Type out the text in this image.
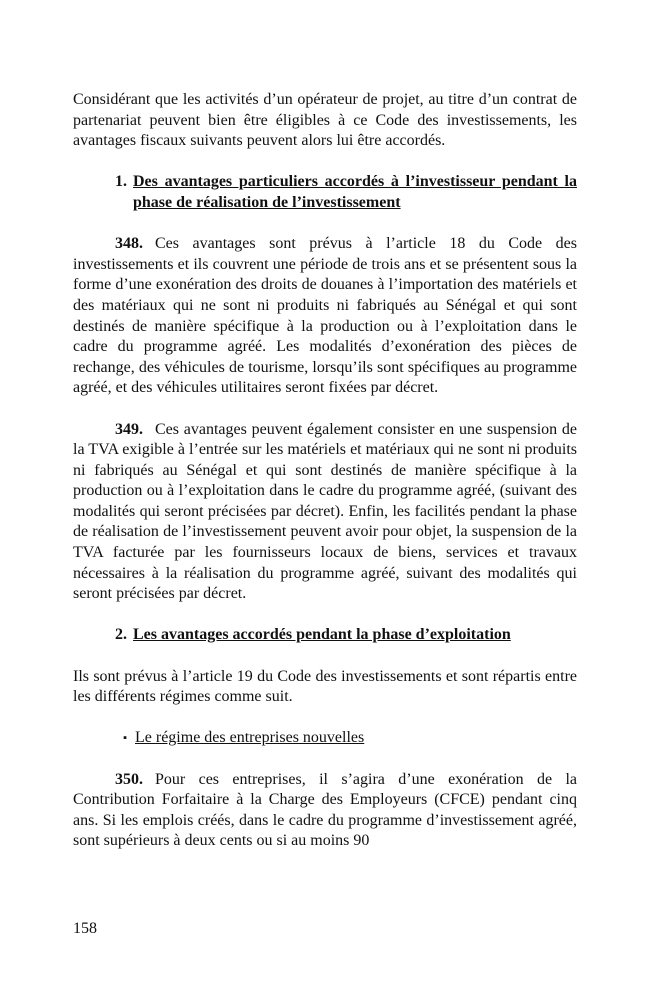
Considérant que les activités d’un opérateur de projet, au titre d’un contrat de partenariat peuvent bien être éligibles à ce Code des investissements, les avantages fiscaux suivants peuvent alors lui être accordés.

1. Des avantages particuliers accordés à l’investisseur pendant la phase de réalisation de l’investissement

348. Ces avantages sont prévus à l’article 18 du Code des investissements et ils couvrent une période de trois ans et se présentent sous la forme d’une exonération des droits de douanes à l’importation des matériels et des matériaux qui ne sont ni produits ni fabriqués au Sénégal et qui sont destinés de manière spécifique à la production ou à l’exploitation dans le cadre du programme agréé. Les modalités d’exonération des pièces de rechange, des véhicules de tourisme, lorsqu’ils sont spécifiques au programme agréé, et des véhicules utilitaires seront fixées par décret.

349. Ces avantages peuvent également consister en une suspension de la TVA exigible à l’entrée sur les matériels et matériaux qui ne sont ni produits ni fabriqués au Sénégal et qui sont destinés de manière spécifique à la production ou à l’exploitation dans le cadre du programme agréé, (suivant des modalités qui seront précisées par décret). Enfin, les facilités pendant la phase de réalisation de l’investissement peuvent avoir pour objet, la suspension de la TVA facturée par les fournisseurs locaux de biens, services et travaux nécessaires à la réalisation du programme agréé, suivant des modalités qui seront précisées par décret.

2. Les avantages accordés pendant la phase d’exploitation

Ils sont prévus à l’article 19 du Code des investissements et sont répartis entre les différents régimes comme suit.

▪ Le régime des entreprises nouvelles

350. Pour ces entreprises, il s’agira d’une exonération de la Contribution Forfaitaire à la Charge des Employeurs (CFCE) pendant cinq ans. Si les emplois créés, dans le cadre du programme d’investissement agréé, sont supérieurs à deux cents ou si au moins 90

158
